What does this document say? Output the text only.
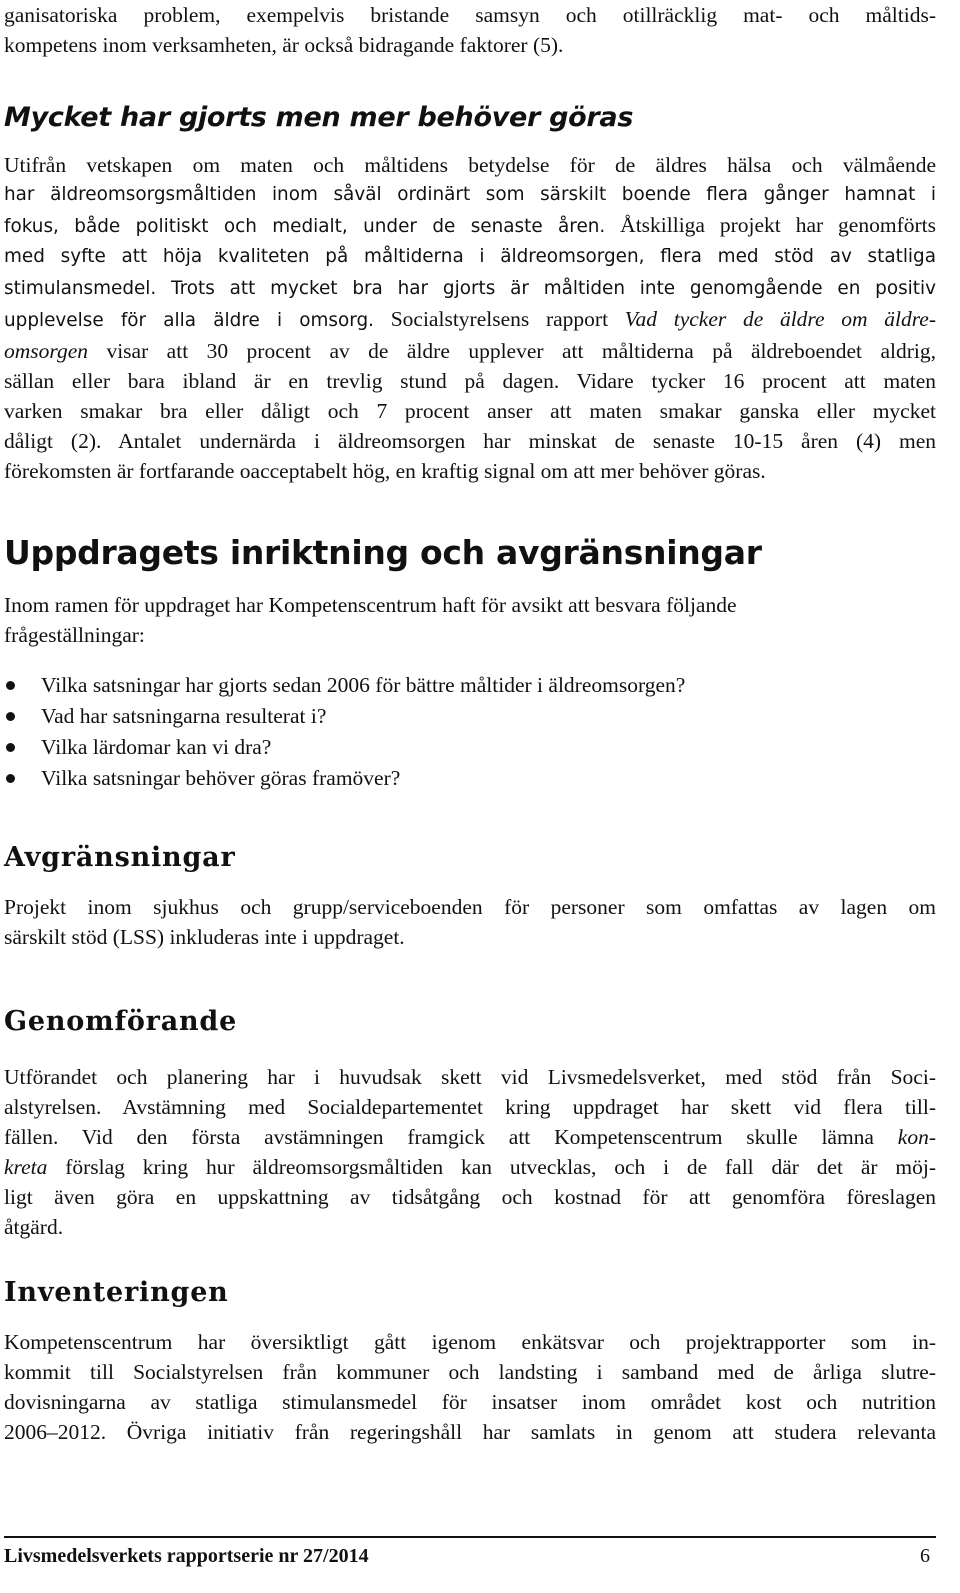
ganisatoriska problem, exempelvis bristande samsyn och otillräcklig mat- och måltids-
kompetens inom verksamheten, är också bidragande faktorer (5).

Mycket har gjorts men mer behöver göras

Utifrån vetskapen om maten och måltidens betydelse för de äldres hälsa och välmående
har äldreomsorgsmåltiden inom såväl ordinärt som särskilt boende flera gånger hamnat i
fokus, både politiskt och medialt, under de senaste åren. Åtskilliga projekt har genomförts
med syfte att höja kvaliteten på måltiderna i äldreomsorgen, flera med stöd av statliga
stimulansmedel. Trots att mycket bra har gjorts är måltiden inte genomgående en positiv
upplevelse för alla äldre i omsorg. Socialstyrelsens rapport Vad tycker de äldre om äldre-
omsorgen visar att 30 procent av de äldre upplever att måltiderna på äldreboendet aldrig,
sällan eller bara ibland är en trevlig stund på dagen. Vidare tycker 16 procent att maten
varken smakar bra eller dåligt och 7 procent anser att maten smakar ganska eller mycket
dåligt (2). Antalet undernärda i äldreomsorgen har minskat de senaste 10-15 åren (4) men
förekomsten är fortfarande oacceptabelt hög, en kraftig signal om att mer behöver göras.

Uppdragets inriktning och avgränsningar

Inom ramen för uppdraget har Kompetenscentrum haft för avsikt att besvara följande
frågeställningar:

Vilka satsningar har gjorts sedan 2006 för bättre måltider i äldreomsorgen?
Vad har satsningarna resulterat i?
Vilka lärdomar kan vi dra?
Vilka satsningar behöver göras framöver?
Avgränsningar

Projekt inom sjukhus och grupp/serviceboenden för personer som omfattas av lagen om
särskilt stöd (LSS) inkluderas inte i uppdraget.

Genomförande

Utförandet och planering har i huvudsak skett vid Livsmedelsverket, med stöd från Soci-
alstyrelsen. Avstämning med Socialdepartementet kring uppdraget har skett vid flera till-
fällen. Vid den första avstämningen framgick att Kompetenscentrum skulle lämna kon-
kreta förslag kring hur äldreomsorgsmåltiden kan utvecklas, och i de fall där det är möj-
ligt även göra en uppskattning av tidsåtgång och kostnad för att genomföra föreslagen
åtgärd.

Inventeringen

Kompetenscentrum har översiktligt gått igenom enkätsvar och projektrapporter som in-
kommit till Socialstyrelsen från kommuner och landsting i samband med de årliga slutre-
dovisningarna av statliga stimulansmedel för insatser inom området kost och nutrition
2006–2012. Övriga initiativ från regeringshåll har samlats in genom att studera relevanta

Livsmedelsverkets rapportserie nr 27/2014	6
